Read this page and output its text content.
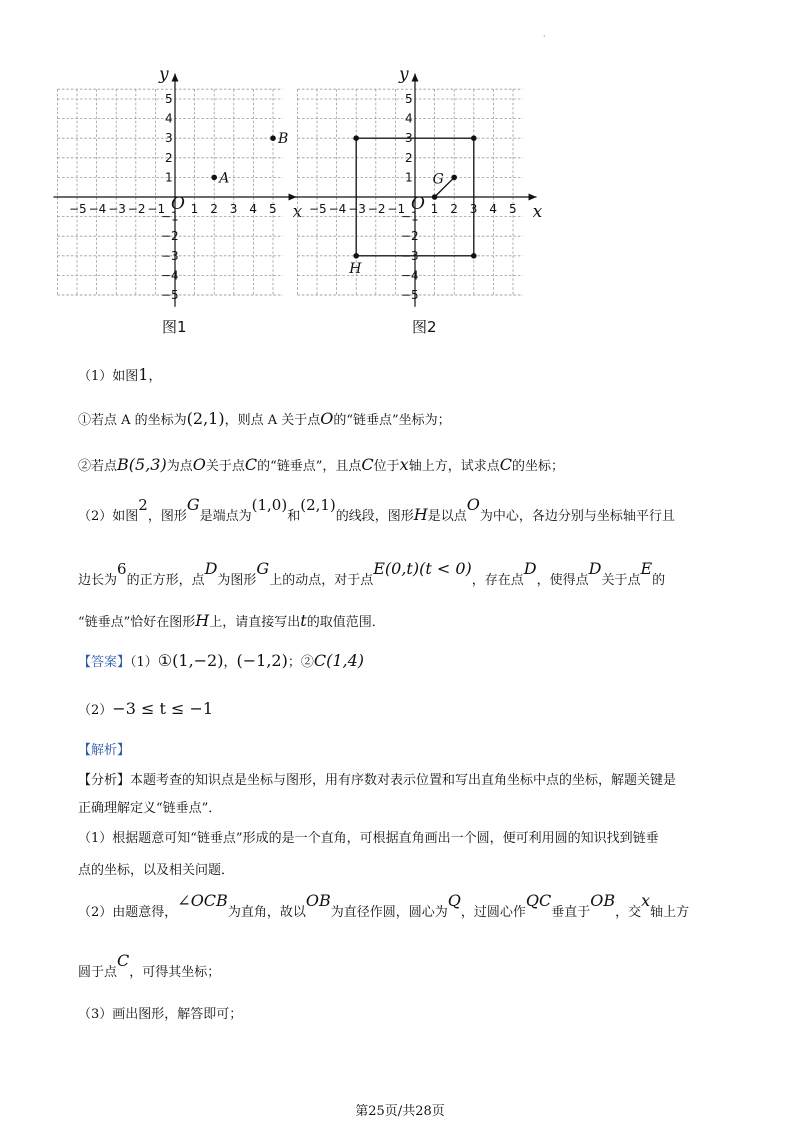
·
x
y
O
−5 −4 −3 −2 −1 1 2 3 4 5
5
4
3
2
1
−1
−2
−3
−4
−5
A
B
图1
x
y
O
−5 −4 −3 −2 −1 1 2 3 4 5
5
4
3
2
1
−1
−2
−3
−4
−5
H
G
图2
（1）如图1，
①若点 A 的坐标为(2,1)，则点 A 关于点O的“链垂点”坐标为；
②若点B(5,3)为点O关于点C的“链垂点”，且点C位于x轴上方，试求点C的坐标；
（2）如图2，图形G是端点为(1,0)和(2,1)的线段，图形H是以点O为中心，各边分别与坐标轴平行且
边长为6的正方形，点D为图形G上的动点，对于点E(0,t)(t < 0)，存在点D，使得点D关于点E的
“链垂点”恰好在图形H上，请直接写出t的取值范围．
【答案】（1）①(1,−2)，(−1,2)；②C(1,4)
（2）−3 ≤ t ≤ −1
【解析】
【分析】本题考查的知识点是坐标与图形，用有序数对表示位置和写出直角坐标中点的坐标，解题关键是
正确理解定义“链垂点”．
（1）根据题意可知“链垂点”形成的是一个直角，可根据直角画出一个圆，便可利用圆的知识找到链垂
点的坐标，以及相关问题．
（2）由题意得，∠OCB为直角，故以OB为直径作圆，圆心为Q，过圆心作QC垂直于OB，交x轴上方
圆于点C，可得其坐标；
（3）画出图形，解答即可；
第25页/共28页
